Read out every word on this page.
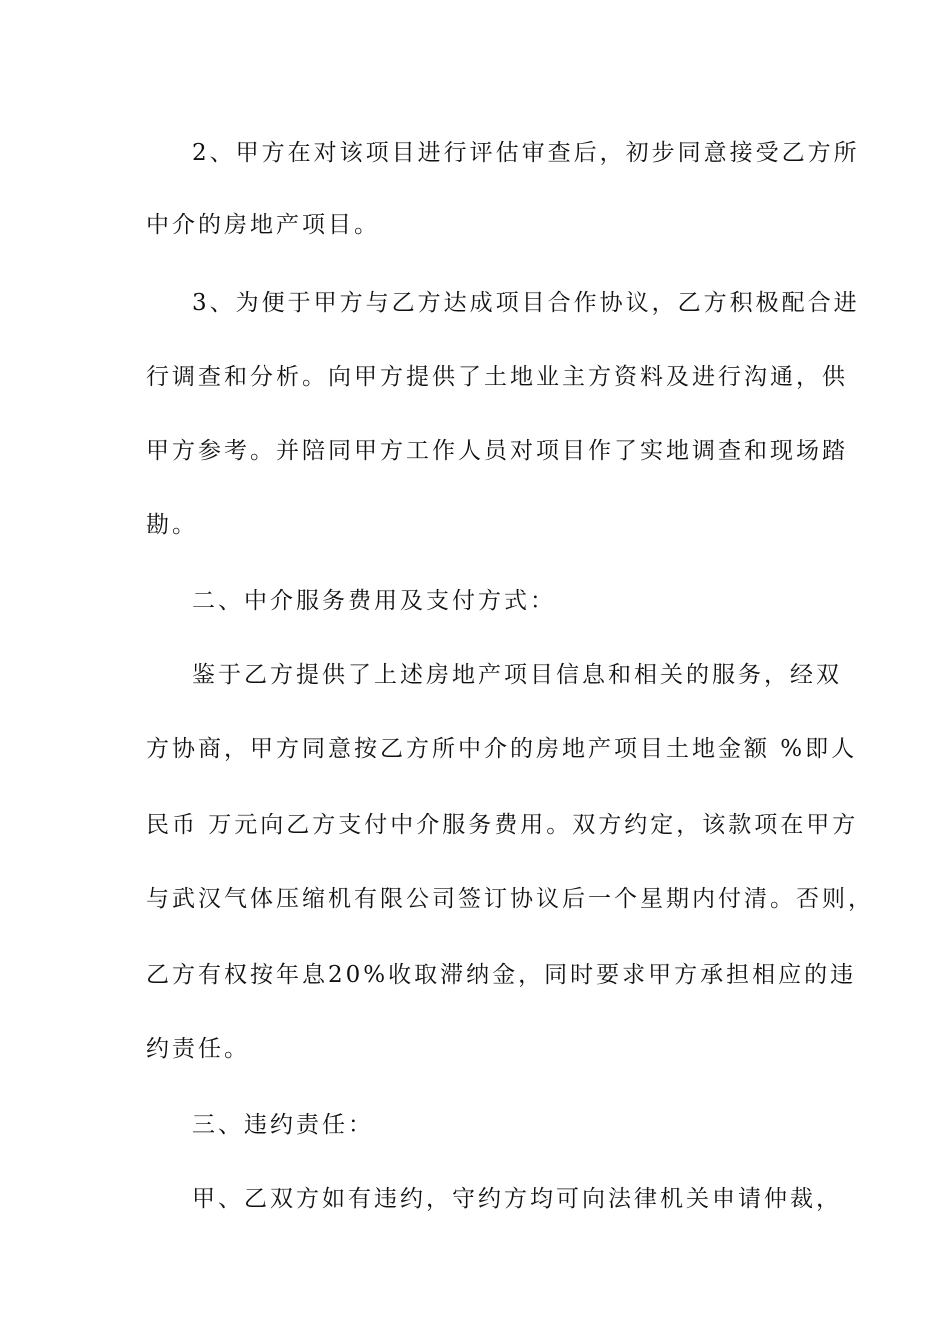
2、甲方在对该项目进行评估审查后，初步同意接受乙方所
中介的房地产项目。
3、为便于甲方与乙方达成项目合作协议，乙方积极配合进
行调查和分析。向甲方提供了土地业主方资料及进行沟通，供
甲方参考。并陪同甲方工作人员对项目作了实地调查和现场踏
勘。
二、中介服务费用及支付方式：
鉴于乙方提供了上述房地产项目信息和相关的服务，经双
方协商，甲方同意按乙方所中介的房地产项目土地金额 %即人
民币 万元向乙方支付中介服务费用。双方约定，该款项在甲方
与武汉气体压缩机有限公司签订协议后一个星期内付清。否则，
乙方有权按年息20%收取滞纳金，同时要求甲方承担相应的违
约责任。
三、违约责任：
甲、乙双方如有违约，守约方均可向法律机关申请仲裁，
